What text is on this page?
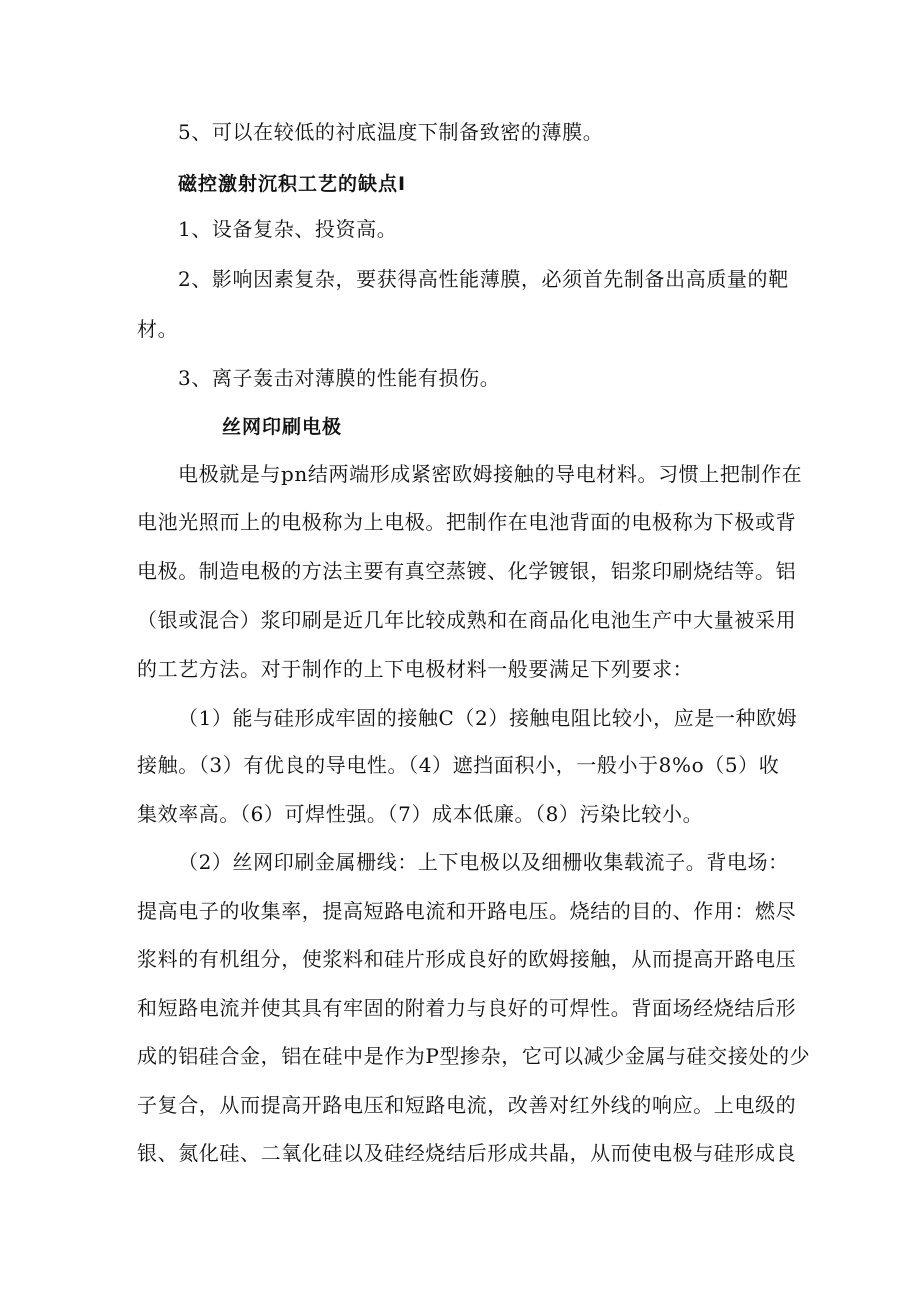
5、可以在较低的衬底温度下制备致密的薄膜。
磁控激射沉积工艺的缺点I
1、设备复杂、投资高。
2、影响因素复杂，要获得高性能薄膜，必须首先制备出高质量的靶
材。
3、离子轰击对薄膜的性能有损伤。
丝网印刷电极
电极就是与pn结两端形成紧密欧姆接触的导电材料。习惯上把制作在
电池光照而上的电极称为上电极。把制作在电池背面的电极称为下极或背
电极。制造电极的方法主要有真空蒸镀、化学镀银，铝浆印刷烧结等。铝
（银或混合）浆印刷是近几年比较成熟和在商品化电池生产中大量被采用
的工艺方法。对于制作的上下电极材料一般要满足下列要求：
（1）能与硅形成牢固的接触C（2）接触电阻比较小，应是一种欧姆
接触。（3）有优良的导电性。（4）遮挡面积小，一般小于8%o（5）收
集效率高。（6）可焊性强。（7）成本低廉。（8）污染比较小。
（2）丝网印刷金属栅线：上下电极以及细栅收集载流子。背电场：
提高电子的收集率，提高短路电流和开路电压。烧结的目的、作用：燃尽
浆料的有机组分，使浆料和硅片形成良好的欧姆接触，从而提高开路电压
和短路电流并使其具有牢固的附着力与良好的可焊性。背面场经烧结后形
成的铝硅合金，铝在硅中是作为P型掺杂，它可以减少金属与硅交接处的少
子复合，从而提高开路电压和短路电流，改善对红外线的响应。上电级的
银、氮化硅、二氧化硅以及硅经烧结后形成共晶，从而使电极与硅形成良
